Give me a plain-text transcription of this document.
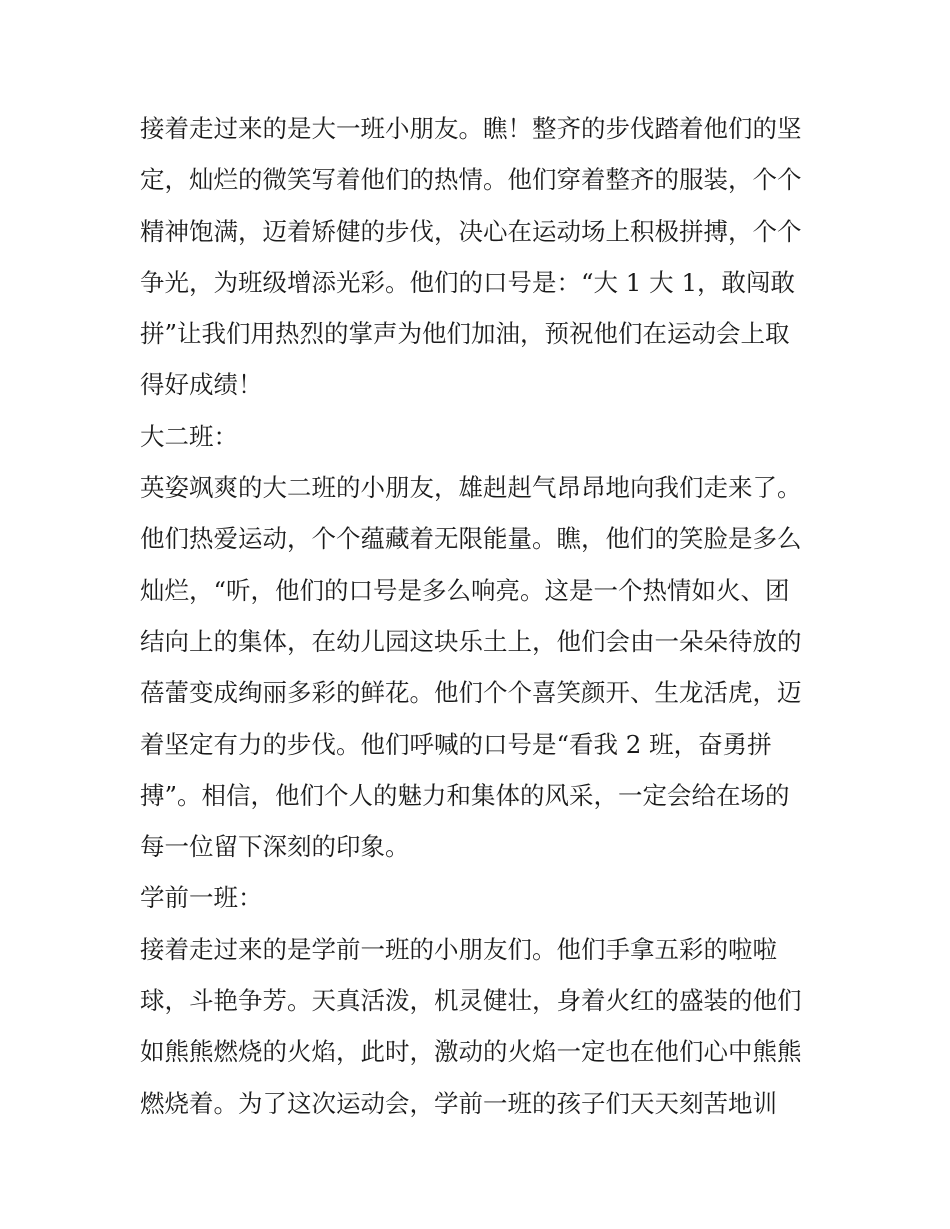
接着走过来的是大一班小朋友。瞧！整齐的步伐踏着他们的坚
定，灿烂的微笑写着他们的热情。他们穿着整齐的服装，个个
精神饱满，迈着矫健的步伐，决心在运动场上积极拼搏，个个
争光，为班级增添光彩。他们的口号是：“大 1 大 1，敢闯敢
拼”让我们用热烈的掌声为他们加油，预祝他们在运动会上取
得好成绩！
大二班：
英姿飒爽的大二班的小朋友，雄赳赳气昂昂地向我们走来了。
他们热爱运动，个个蕴藏着无限能量。瞧，他们的笑脸是多么
灿烂，“听，他们的口号是多么响亮。这是一个热情如火、团
结向上的集体，在幼儿园这块乐土上，他们会由一朵朵待放的
蓓蕾变成绚丽多彩的鲜花。他们个个喜笑颜开、生龙活虎，迈
着坚定有力的步伐。他们呼喊的口号是“看我 2 班，奋勇拼
搏”。相信，他们个人的魅力和集体的风采，一定会给在场的
每一位留下深刻的印象。
学前一班：
接着走过来的是学前一班的小朋友们。他们手拿五彩的啦啦
球，斗艳争芳。天真活泼，机灵健壮，身着火红的盛装的他们
如熊熊燃烧的火焰，此时，激动的火焰一定也在他们心中熊熊
燃烧着。为了这次运动会，学前一班的孩子们天天刻苦地训
